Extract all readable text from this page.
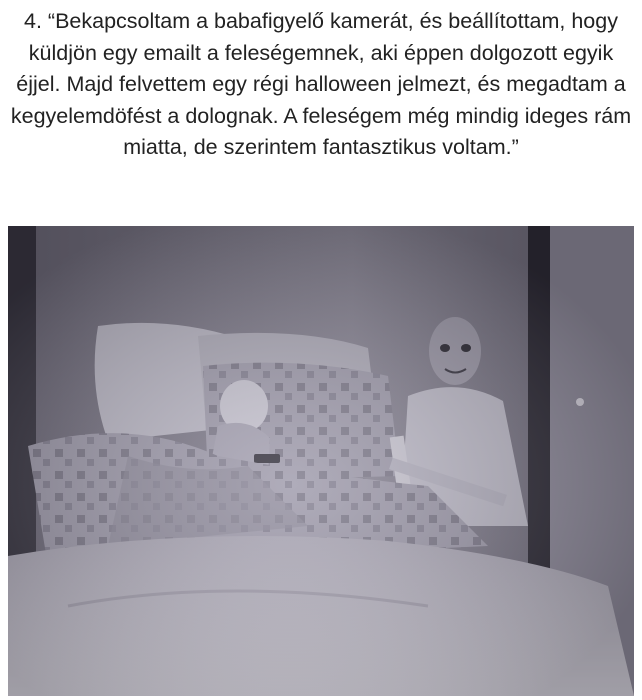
4. “Bekapcsoltam a babafigyelő kamerát, és beállítottam, hogy küldjön egy emailt a feleségemnek, aki éppen dolgozott egyik éjjel. Majd felvettem egy régi halloween jelmezt, és megadtam a kegyelemdöfést a dolognak. A feleségem még mindig ideges rám miatta, de szerintem fantasztikus voltam.”
